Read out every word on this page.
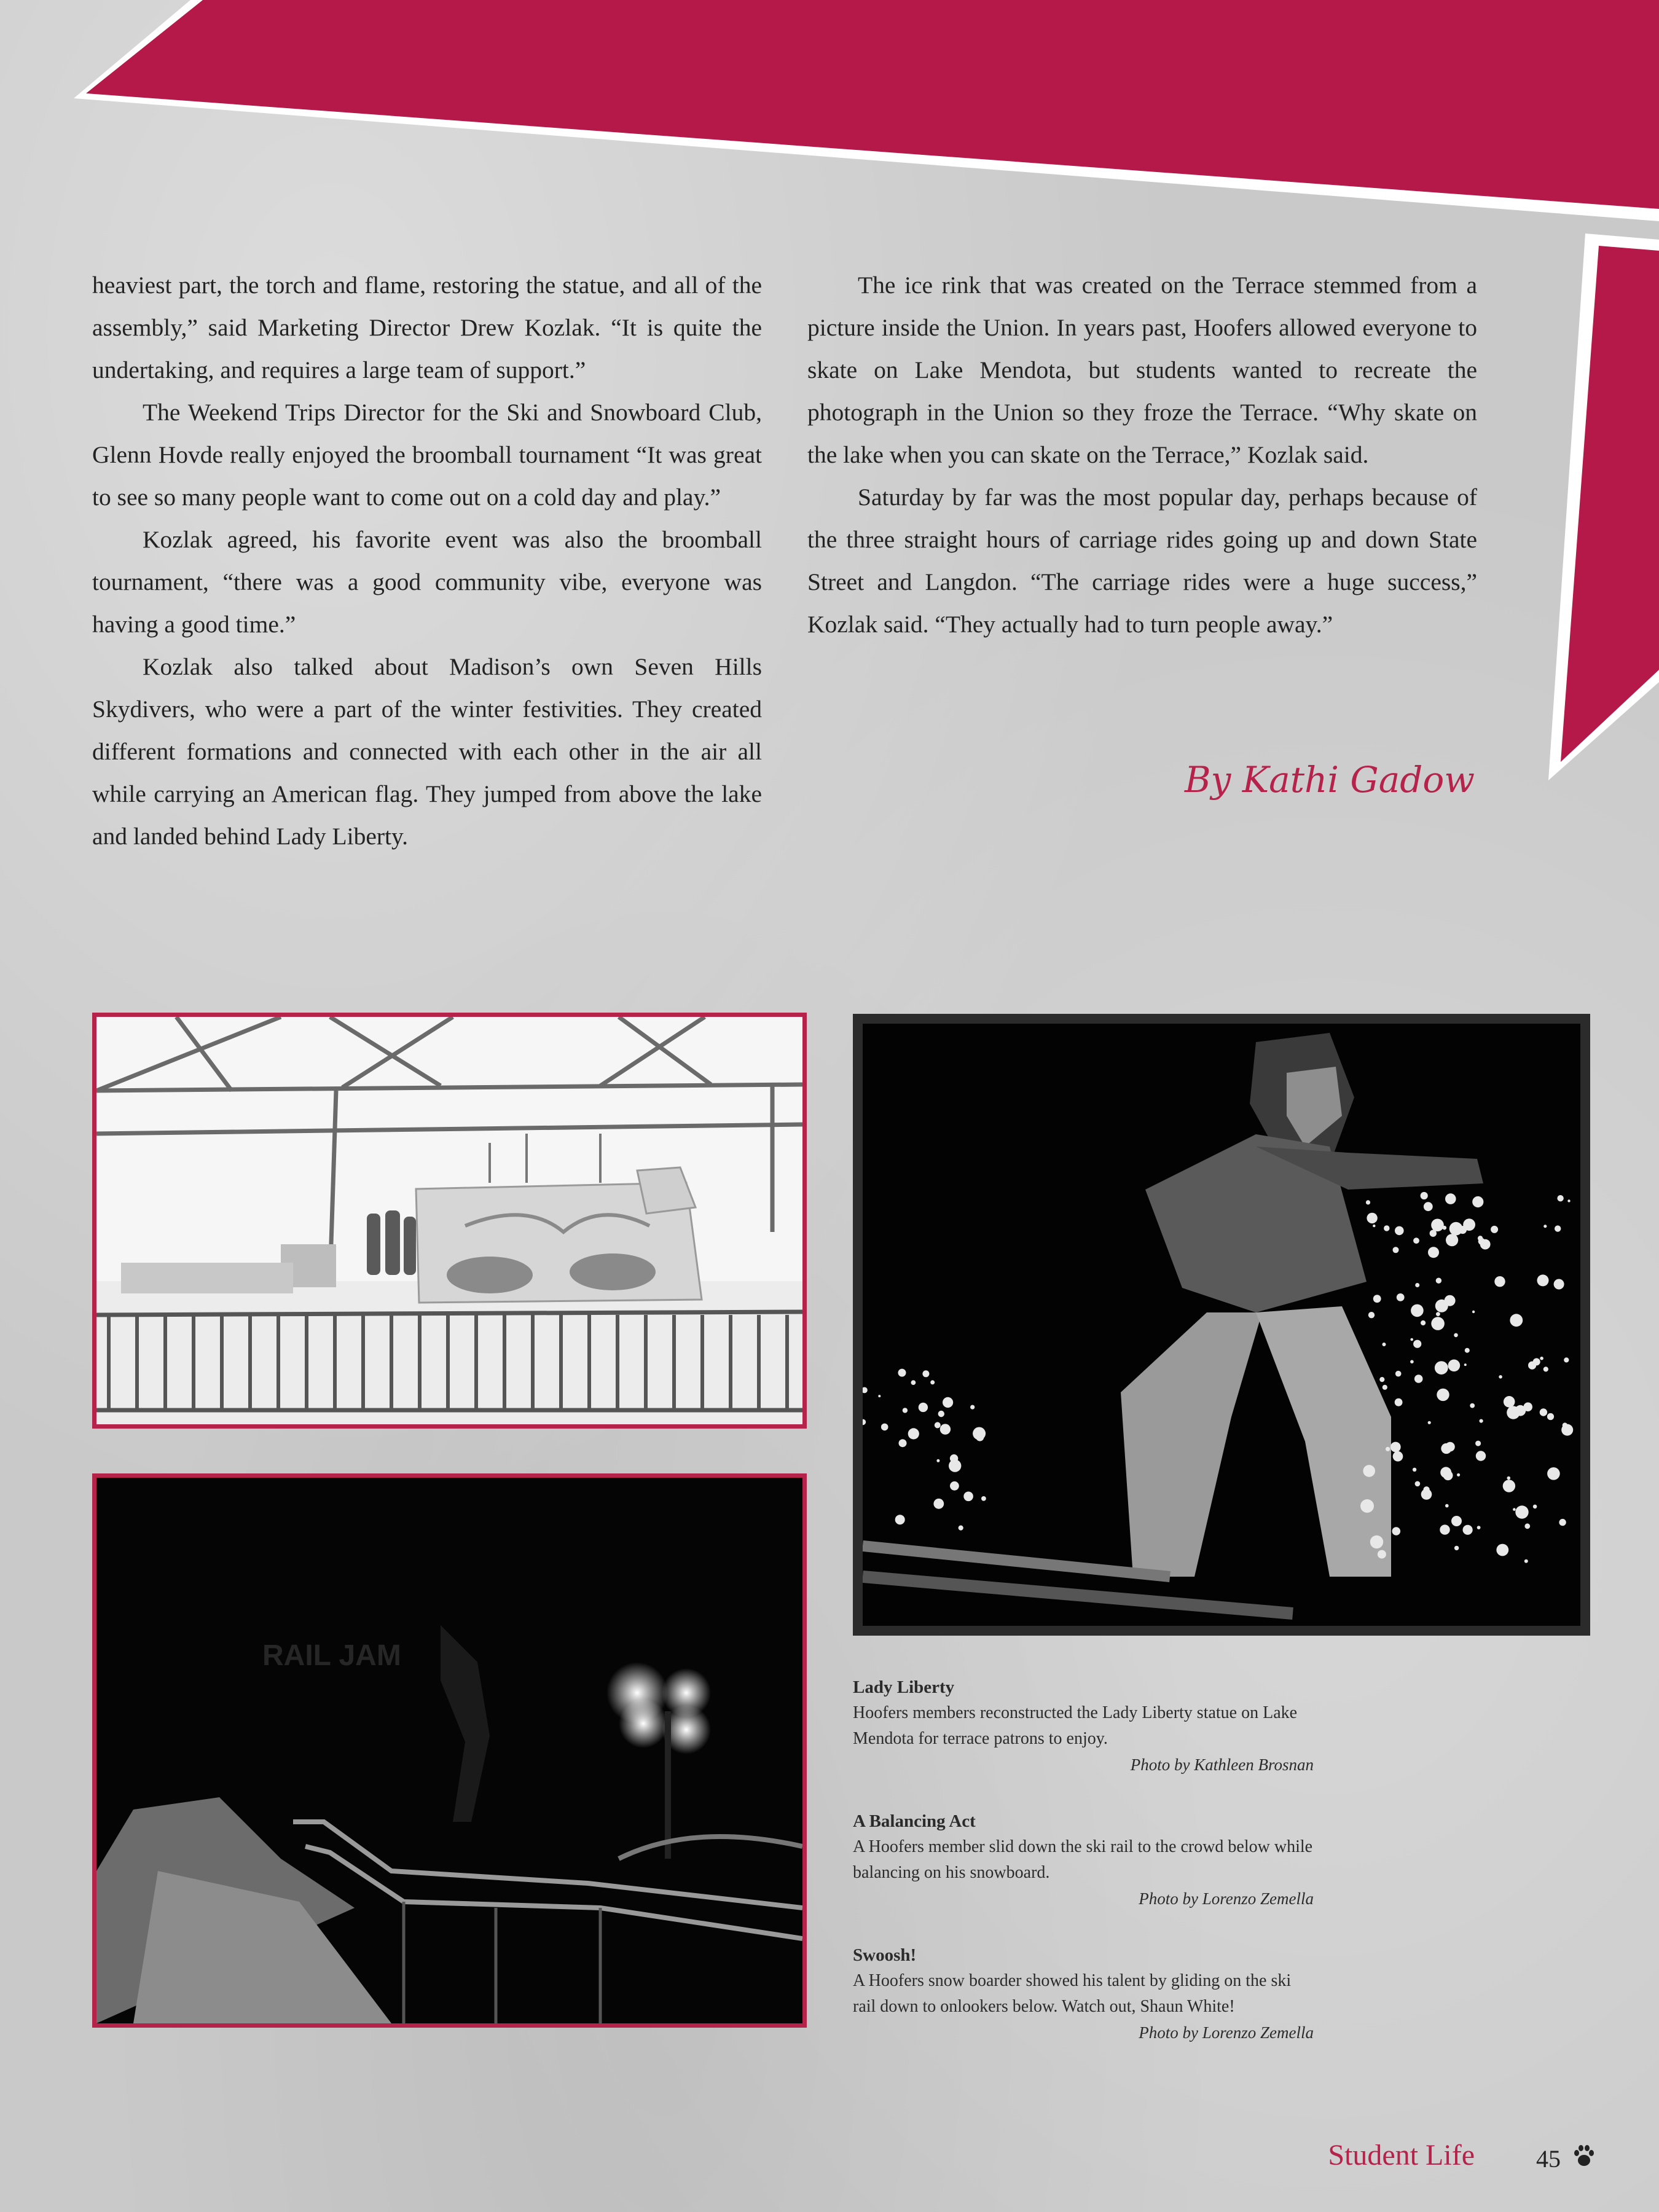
heaviest part, the torch and flame, restoring the statue, and all of the assembly,” said Marketing Director Drew Kozlak. “It is quite the undertaking, and requires a large team of support.”

The Weekend Trips Director for the Ski and Snowboard Club, Glenn Hovde really enjoyed the broomball tournament “It was great to see so many people want to come out on a cold day and play.”

Kozlak agreed, his favorite event was also the broomball tournament, “there was a good community vibe, everyone was having a good time.”

Kozlak also talked about Madison’s own Seven Hills Skydivers, who were a part of the winter festivities. They created different formations and connected with each other in the air all while carrying an American flag. They jumped from above the lake and landed behind Lady Liberty.

The ice rink that was created on the Terrace stemmed from a picture inside the Union. In years past, Hoofers allowed everyone to skate on Lake Mendota, but students wanted to recreate the photograph in the Union so they froze the Terrace. “Why skate on the lake when you can skate on the Terrace,” Kozlak said.

Saturday by far was the most popular day, perhaps because of the three straight hours of carriage rides going up and down State Street and Langdon. “The carriage rides were a huge success,” Kozlak said. “They actually had to turn people away.”

By Kathi Gadow
RAIL JAM
Lady Liberty
Hoofers members reconstructed the Lady Liberty statue on Lake Mendota for terrace patrons to enjoy.
Photo by Kathleen Brosnan
A Balancing Act
A Hoofers member slid down the ski rail to the crowd below while balancing on his snowboard.
Photo by Lorenzo Zemella
Swoosh!
A Hoofers snow boarder showed his talent by gliding on the ski rail down to onlookers below. Watch out, Shaun White!
Photo by Lorenzo Zemella
Student Life	45
